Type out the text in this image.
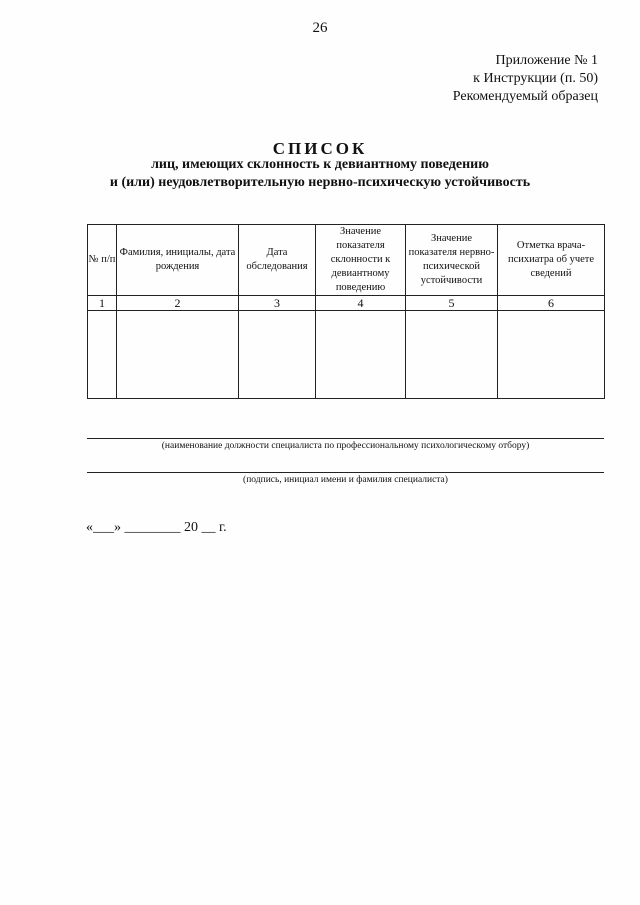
26
Приложение № 1
к Инструкции (п. 50)
Рекомендуемый образец
СПИСОК
лиц, имеющих склонность к девиантному поведению
и (или) неудовлетворительную нервно-психическую устойчивость
№ п/п	Фамилия, инициалы, дата рождения	Дата обследования	Значение показателя склонности к девиантному поведению	Значение показателя нервно-психической устойчивости	Отметка врача-психиатра об учете сведений
1	2	3	4	5	6

(наименование должности специалиста по профессиональному психологическому отбору)
(подпись, инициал имени и фамилия специалиста)
«___» ________ 20 __ г.
